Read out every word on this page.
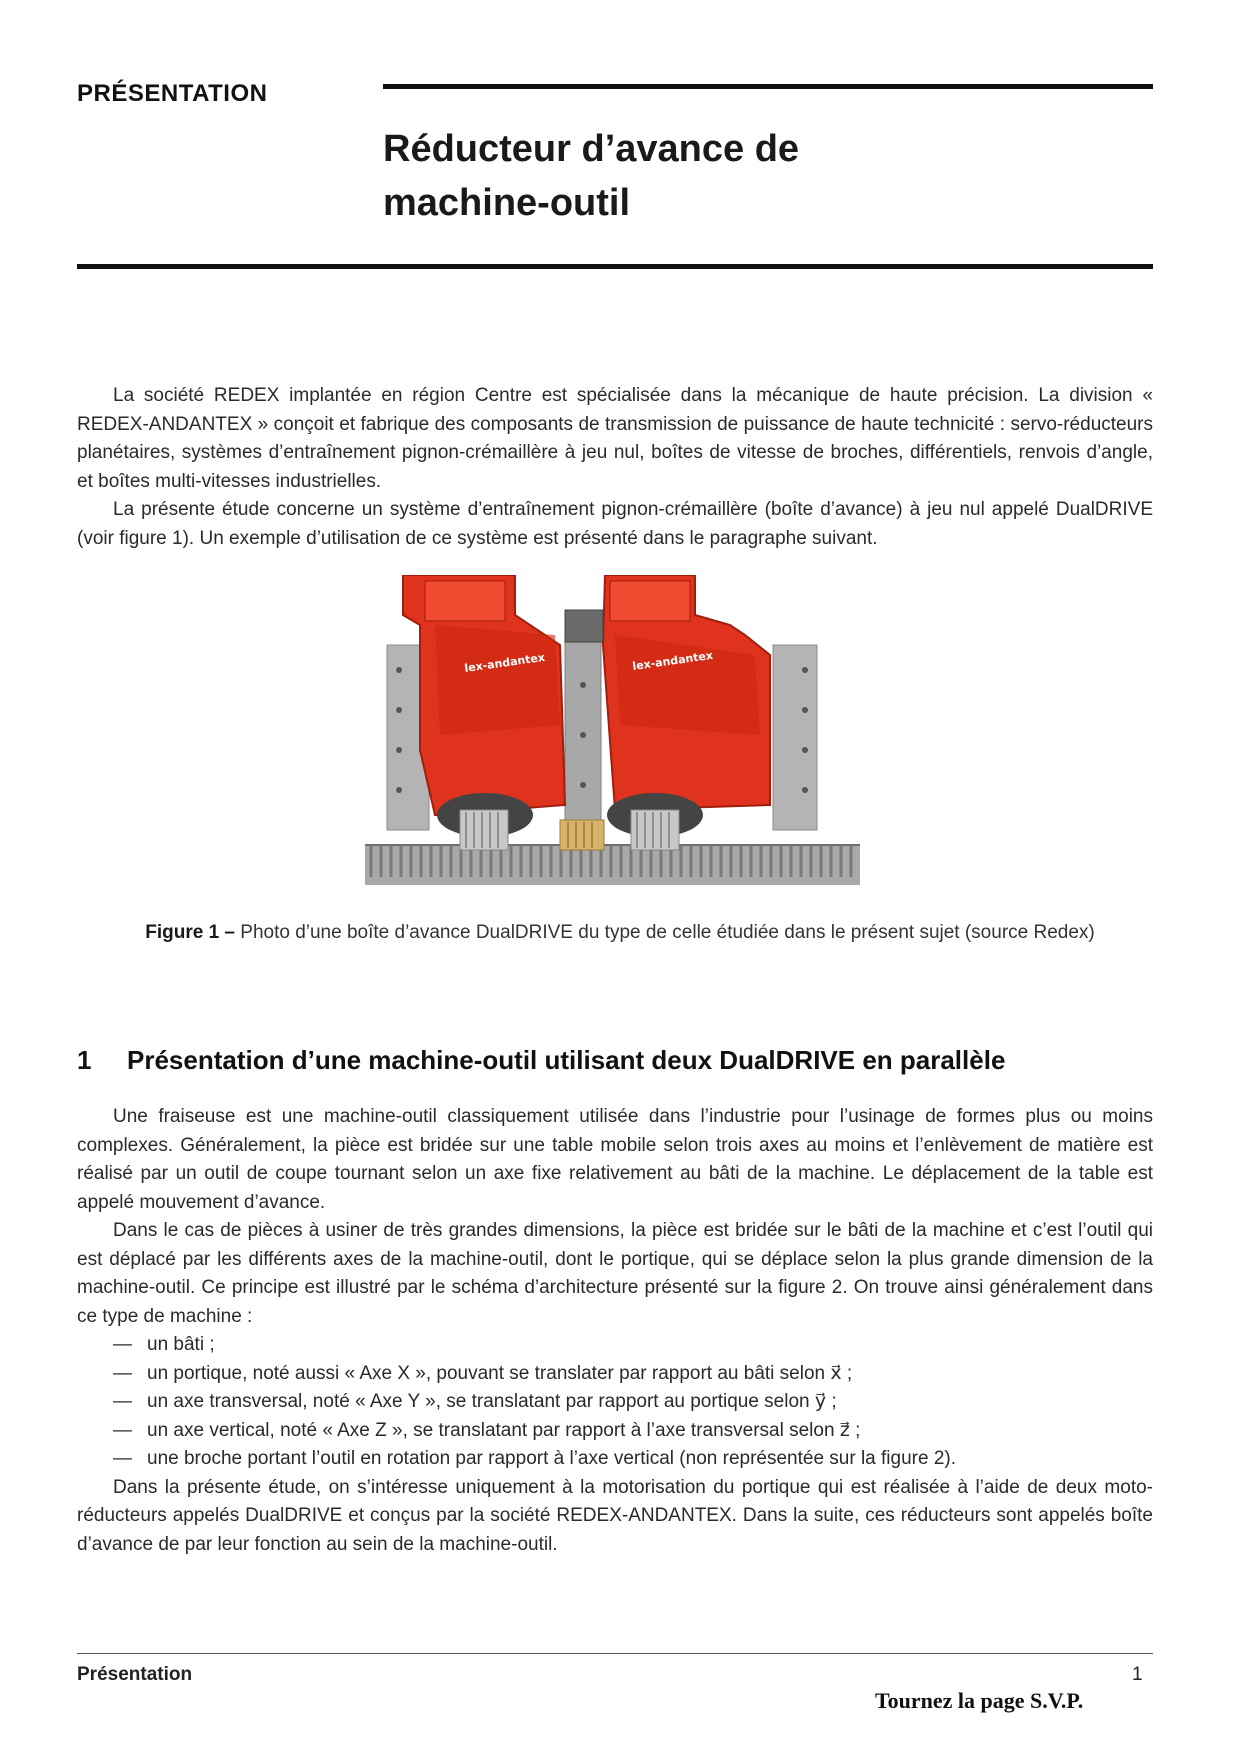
PRÉSENTATION
Réducteur d’avance de
machine-outil

La société REDEX implantée en région Centre est spécialisée dans la mécanique de haute précision. La division « REDEX-ANDANTEX » conçoit et fabrique des composants de transmission de puissance de haute technicité : servo-réducteurs planétaires, systèmes d’entraînement pignon-crémaillère à jeu nul, boîtes de vitesse de broches, différentiels, renvois d’angle, et boîtes multi-vitesses industrielles.

La présente étude concerne un système d’entraînement pignon-crémaillère (boîte d’avance) à jeu nul appelé DualDRIVE (voir figure 1). Un exemple d’utilisation de ce système est présenté dans le paragraphe suivant.

lex-andantex	lex-andantex
Figure 1 – Photo d’une boîte d’avance DualDRIVE du type de celle étudiée dans le présent sujet (source Redex)
1 Présentation d’une machine-outil utilisant deux DualDRIVE en parallèle

Une fraiseuse est une machine-outil classiquement utilisée dans l’industrie pour l’usinage de formes plus ou moins complexes. Généralement, la pièce est bridée sur une table mobile selon trois axes au moins et l’enlèvement de matière est réalisé par un outil de coupe tournant selon un axe fixe relativement au bâti de la machine. Le déplacement de la table est appelé mouvement d’avance.

Dans le cas de pièces à usiner de très grandes dimensions, la pièce est bridée sur le bâti de la machine et c’est l’outil qui est déplacé par les différents axes de la machine-outil, dont le portique, qui se déplace selon la plus grande dimension de la machine-outil. Ce principe est illustré par le schéma d’architecture présenté sur la figure 2. On trouve ainsi généralement dans ce type de machine :

— un bâti ;
— un portique, noté aussi « Axe X », pouvant se translater par rapport au bâti selon x⃗ ;
— un axe transversal, noté « Axe Y », se translatant par rapport au portique selon y⃗ ;
— un axe vertical, noté « Axe Z », se translatant par rapport à l’axe transversal selon z⃗ ;
— une broche portant l’outil en rotation par rapport à l’axe vertical (non représentée sur la figure 2).

Dans la présente étude, on s’intéresse uniquement à la motorisation du portique qui est réalisée à l’aide de deux moto-réducteurs appelés DualDRIVE et conçus par la société REDEX-ANDANTEX. Dans la suite, ces réducteurs sont appelés boîte d’avance de par leur fonction au sein de la machine-outil.

Présentation	1
Tournez la page S.V.P.
